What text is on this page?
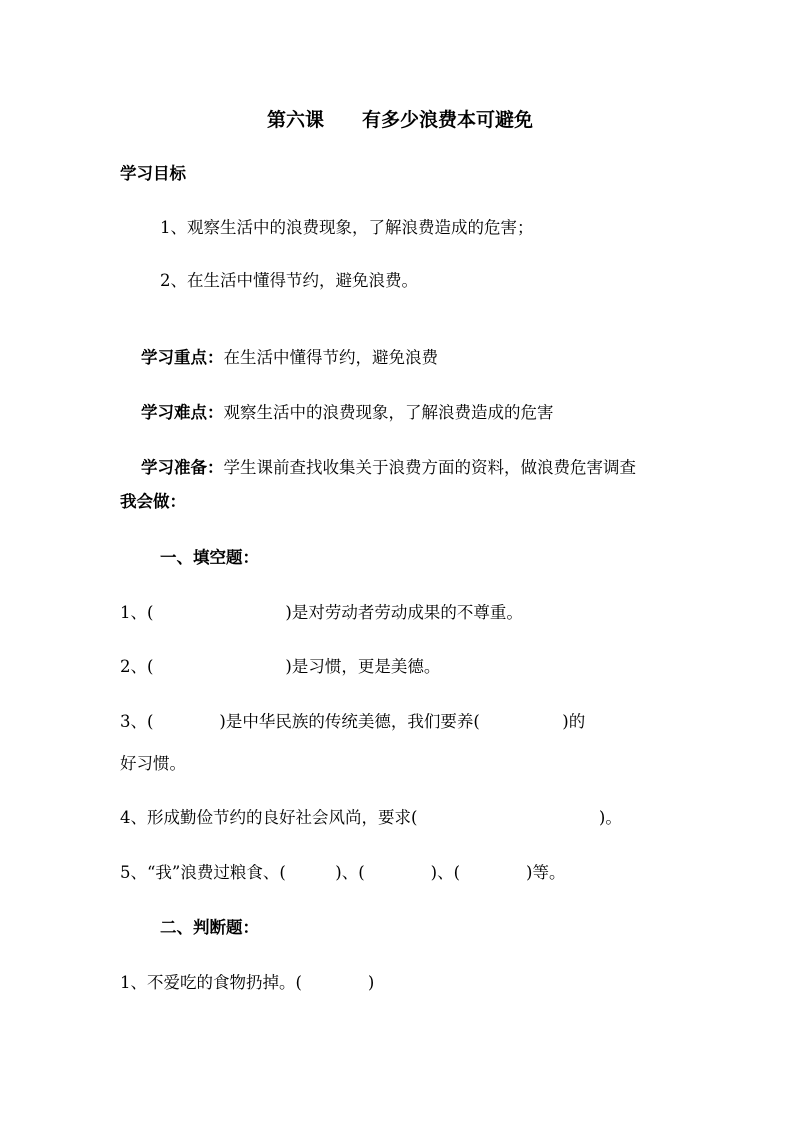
第六课　　有多少浪费本可避免
学习目标
1、观察生活中的浪费现象，了解浪费造成的危害；
2、在生活中懂得节约，避免浪费。

学习重点：在生活中懂得节约，避免浪费

学习难点：观察生活中的浪费现象，了解浪费造成的危害

学习准备：学生课前查找收集关于浪费方面的资料，做浪费危害调查

我会做：
一、填空题：
1、(　　　　　　　　)是对劳动者劳动成果的不尊重。
2、(　　　　　　　　)是习惯，更是美德。
3、(　　　　)是中华民族的传统美德，我们要养(　　　　　)的
好习惯。
4、形成勤俭节约的良好社会风尚，要求(　　　　　　　　　　　)。
5、“我”浪费过粮食、(　　　)、(　　　　)、(　　　　)等。
二、判断题：
1、不爱吃的食物扔掉。(　　　　)
